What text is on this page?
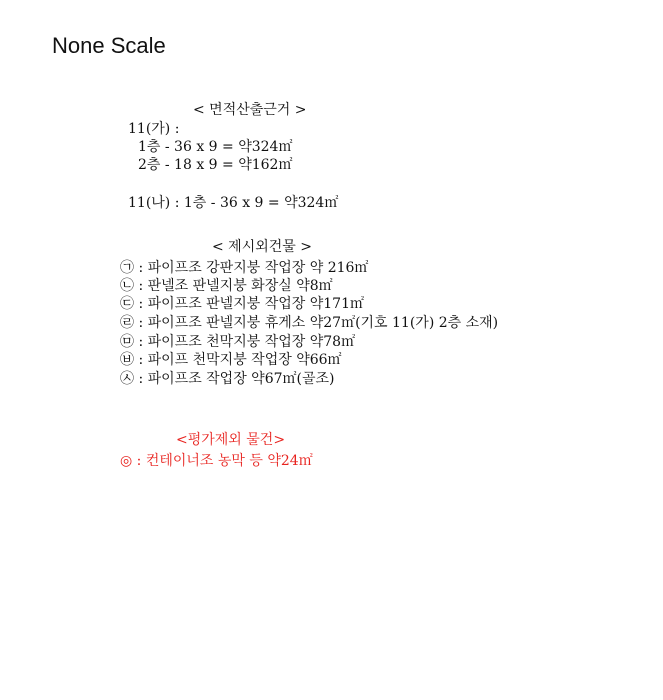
None Scale
< 면적산출근거 >
11(가) :
1층 - 36 x 9 = 약324㎡
2층 - 18 x 9 = 약162㎡
11(나) : 1층 - 36 x 9 = 약324㎡
< 제시외건물 >
㉠ : 파이프조 강판지붕 작업장 약 216㎡
㉡ : 판넬조 판넬지붕 화장실 약8㎡
㉢ : 파이프조 판넬지붕 작업장 약171㎡
㉣ : 파이프조 판넬지붕 휴게소 약27㎡(기호 11(가) 2층 소재)
㉤ : 파이프조 천막지붕 작업장 약78㎡
㉥ : 파이프 천막지붕 작업장 약66㎡
㉦ : 파이프조 작업장 약67㎡(골조)
<평가제외 물건>
◎ : 컨테이너조 농막 등 약24㎡
